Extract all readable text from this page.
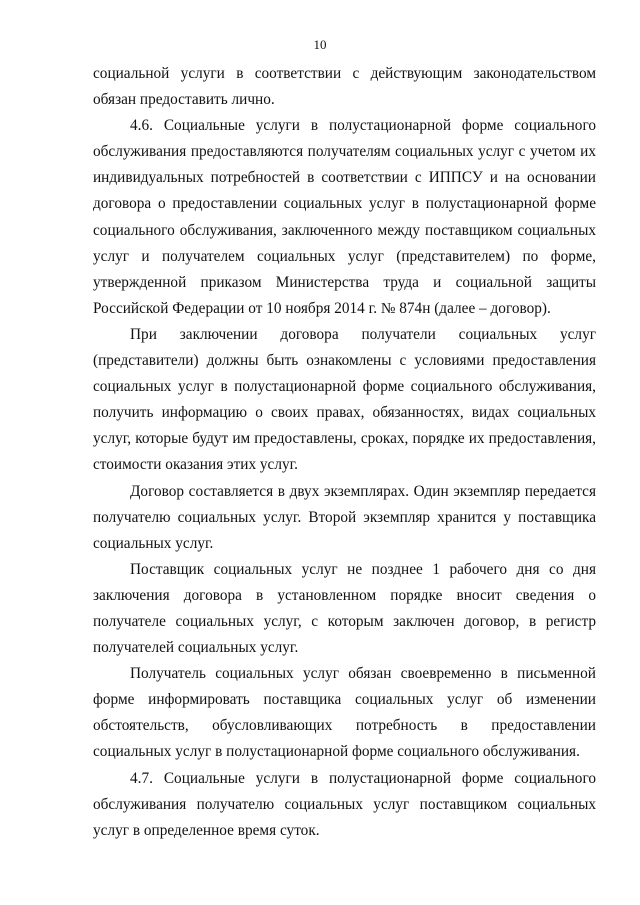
10

социальной услуги в соответствии с действующим законодательством обязан предоставить лично.

4.6. Социальные услуги в полустационарной форме социального обслуживания предоставляются получателям социальных услуг с учетом их индивидуальных потребностей в соответствии с ИППСУ и на основании договора о предоставлении социальных услуг в полустационарной форме социального обслуживания, заключенного между поставщиком социальных услуг и получателем социальных услуг (представителем) по форме, утвержденной приказом Министерства труда и социальной защиты Российской Федерации от 10 ноября 2014 г. № 874н (далее – договор).

При заключении договора получатели социальных услуг (представители) должны быть ознакомлены с условиями предоставления социальных услуг в полустационарной форме социального обслуживания, получить информацию о своих правах, обязанностях, видах социальных услуг, которые будут им предоставлены, сроках, порядке их предоставления, стоимости оказания этих услуг.

Договор составляется в двух экземплярах. Один экземпляр передается получателю социальных услуг. Второй экземпляр хранится у поставщика социальных услуг.

Поставщик социальных услуг не позднее 1 рабочего дня со дня заключения договора в установленном порядке вносит сведения о получателе социальных услуг, с которым заключен договор, в регистр получателей социальных услуг.

Получатель социальных услуг обязан своевременно в письменной форме информировать поставщика социальных услуг об изменении обстоятельств, обусловливающих потребность в предоставлении социальных услуг в полустационарной форме социального обслуживания.

4.7. Социальные услуги в полустационарной форме социального обслуживания получателю социальных услуг поставщиком социальных услуг в определенное время суток.
